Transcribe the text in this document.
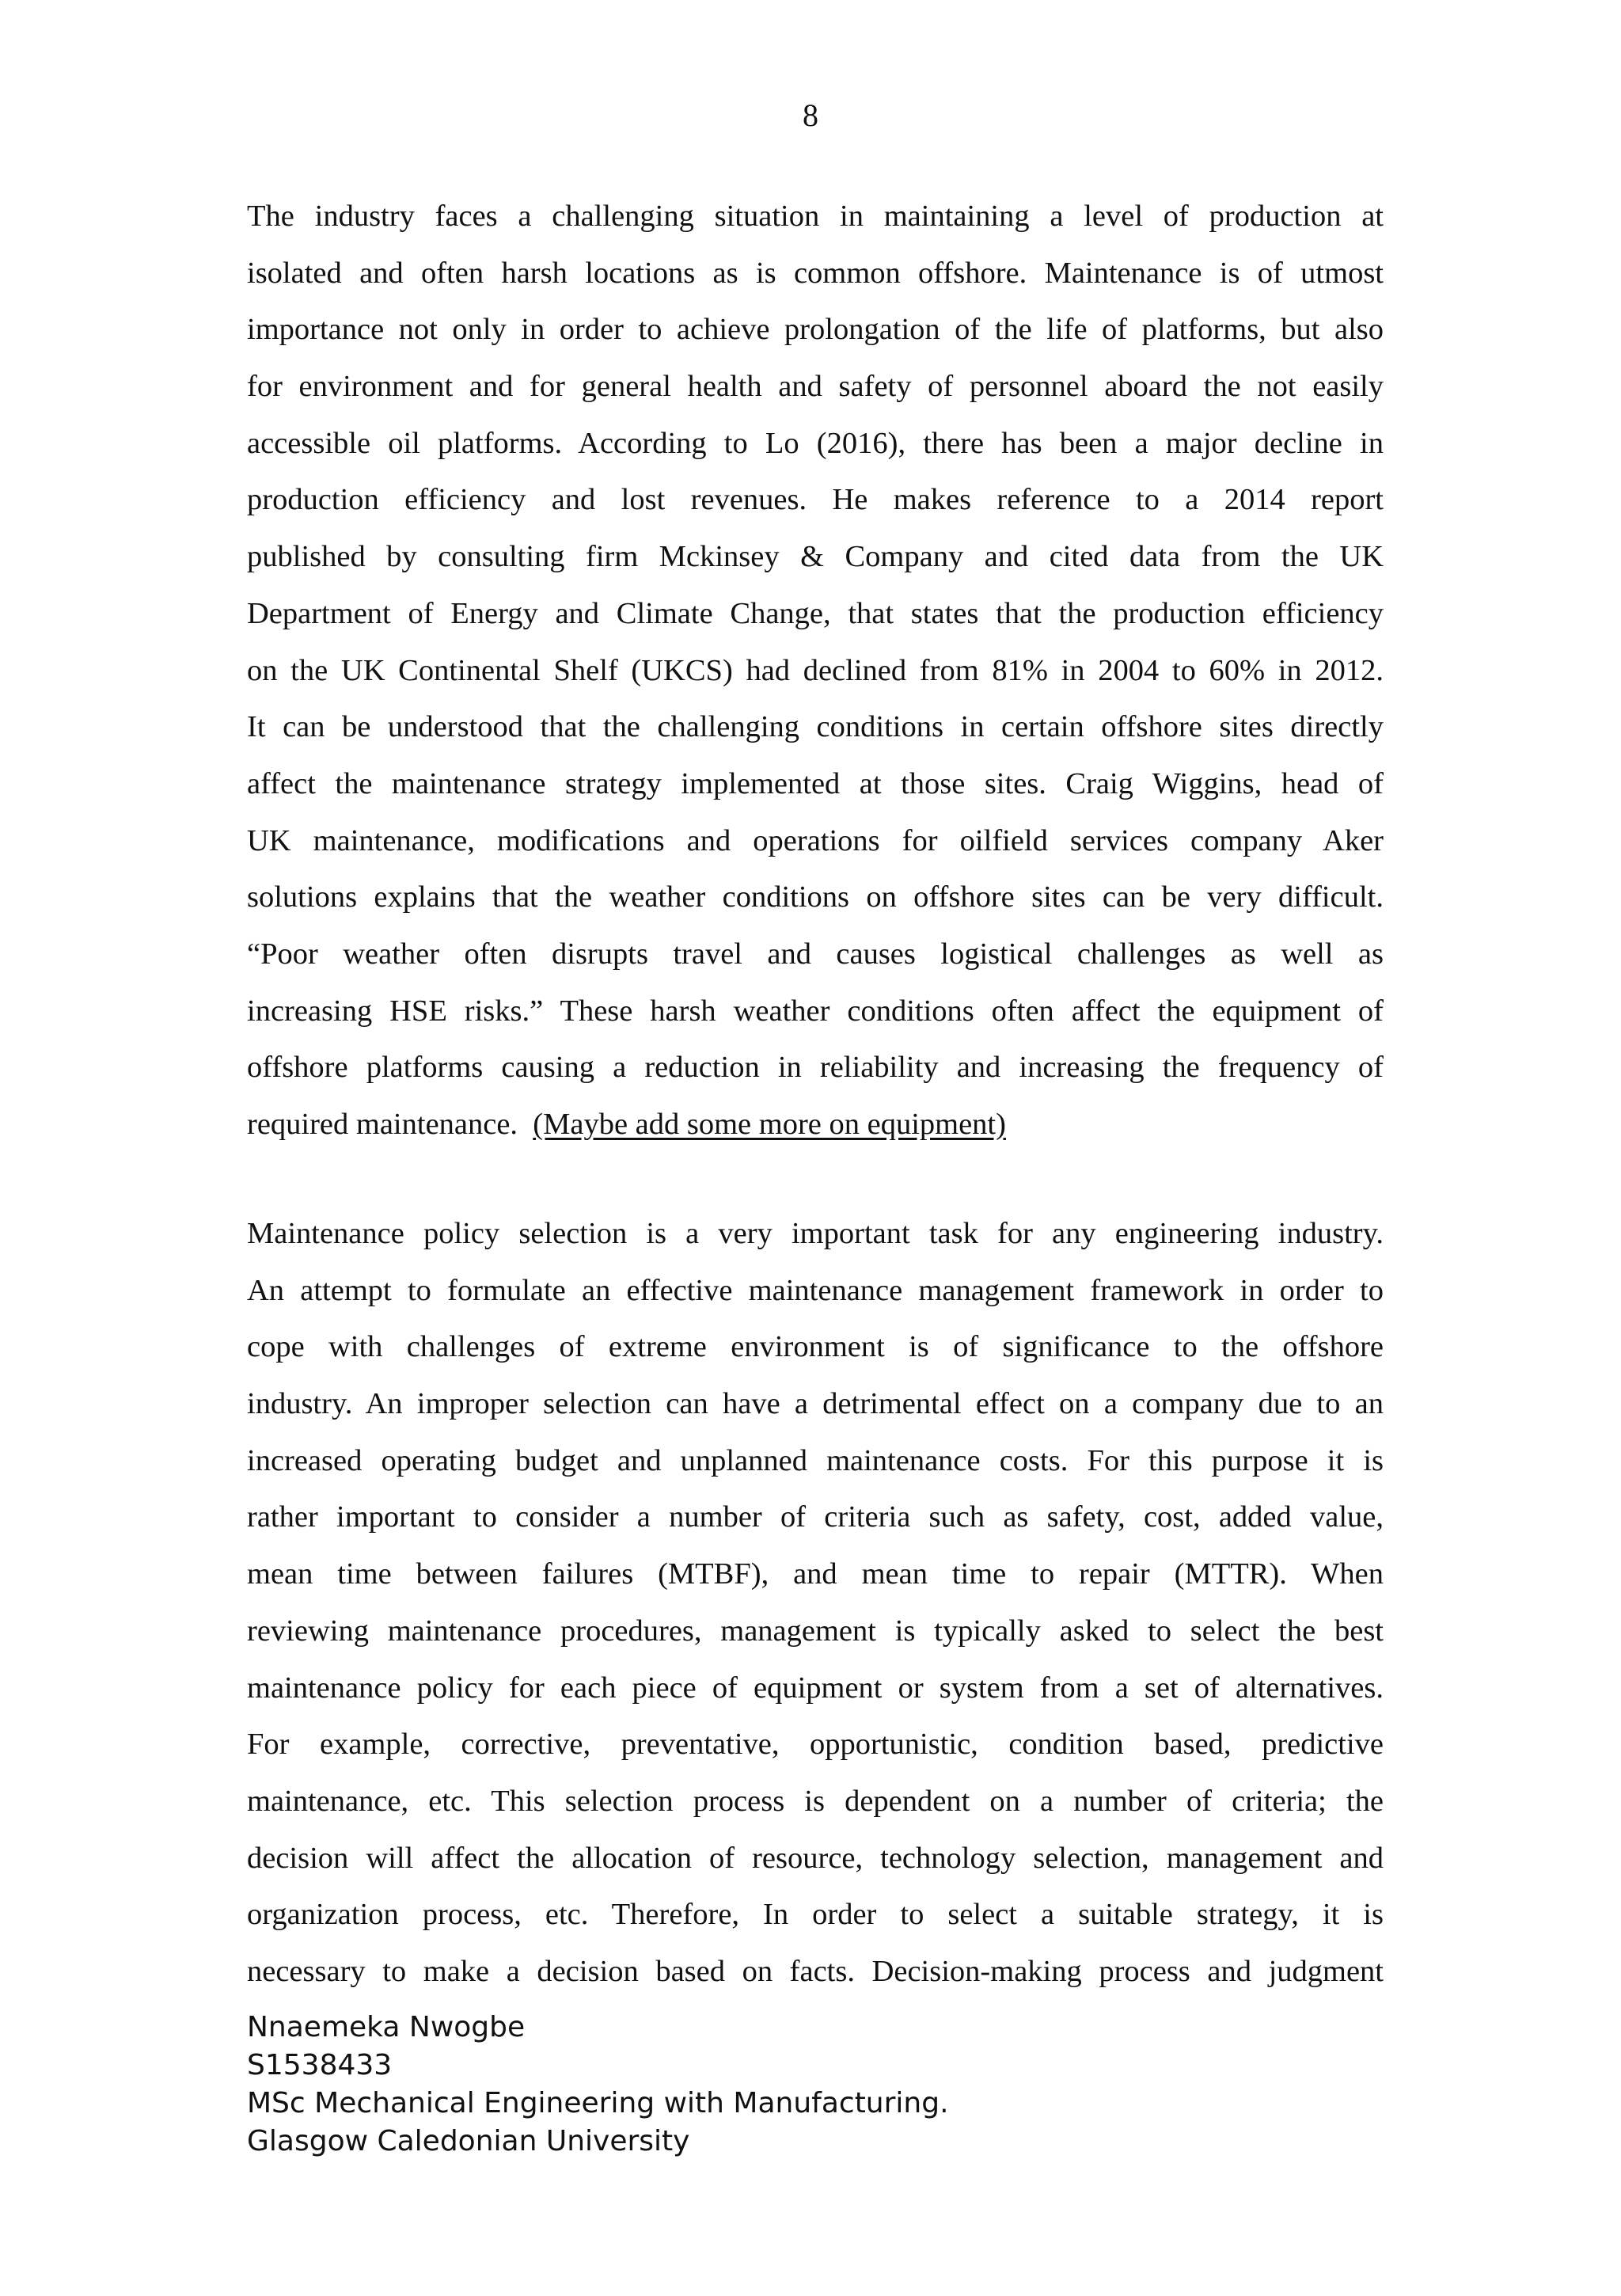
8
The industry faces a challenging situation in maintaining a level of production at
isolated and often harsh locations as is common offshore. Maintenance is of utmost
importance not only in order to achieve prolongation of the life of platforms, but also
for environment and for general health and safety of personnel aboard the not easily
accessible oil platforms. According to Lo (2016), there has been a major decline in
production efficiency and lost revenues. He makes reference to a 2014 report
published by consulting firm Mckinsey & Company and cited data from the UK
Department of Energy and Climate Change, that states that the production efficiency
on the UK Continental Shelf (UKCS) had declined from 81% in 2004 to 60% in 2012.
It can be understood that the challenging conditions in certain offshore sites directly
affect the maintenance strategy implemented at those sites. Craig Wiggins, head of
UK maintenance, modifications and operations for oilfield services company Aker
solutions explains that the weather conditions on offshore sites can be very difficult.
“Poor weather often disrupts travel and causes logistical challenges as well as
increasing HSE risks.” These harsh weather conditions often affect the equipment of
offshore platforms causing a reduction in reliability and increasing the frequency of
required maintenance. (Maybe add some more on equipment)
Maintenance policy selection is a very important task for any engineering industry.
An attempt to formulate an effective maintenance management framework in order to
cope with challenges of extreme environment is of significance to the offshore
industry. An improper selection can have a detrimental effect on a company due to an
increased operating budget and unplanned maintenance costs. For this purpose it is
rather important to consider a number of criteria such as safety, cost, added value,
mean time between failures (MTBF), and mean time to repair (MTTR). When
reviewing maintenance procedures, management is typically asked to select the best
maintenance policy for each piece of equipment or system from a set of alternatives.
For example, corrective, preventative, opportunistic, condition based, predictive
maintenance, etc. This selection process is dependent on a number of criteria; the
decision will affect the allocation of resource, technology selection, management and
organization process, etc. Therefore, In order to select a suitable strategy, it is
necessary to make a decision based on facts. Decision-making process and judgment
Nnaemeka Nwogbe
S1538433
MSc Mechanical Engineering with Manufacturing.
Glasgow Caledonian University
